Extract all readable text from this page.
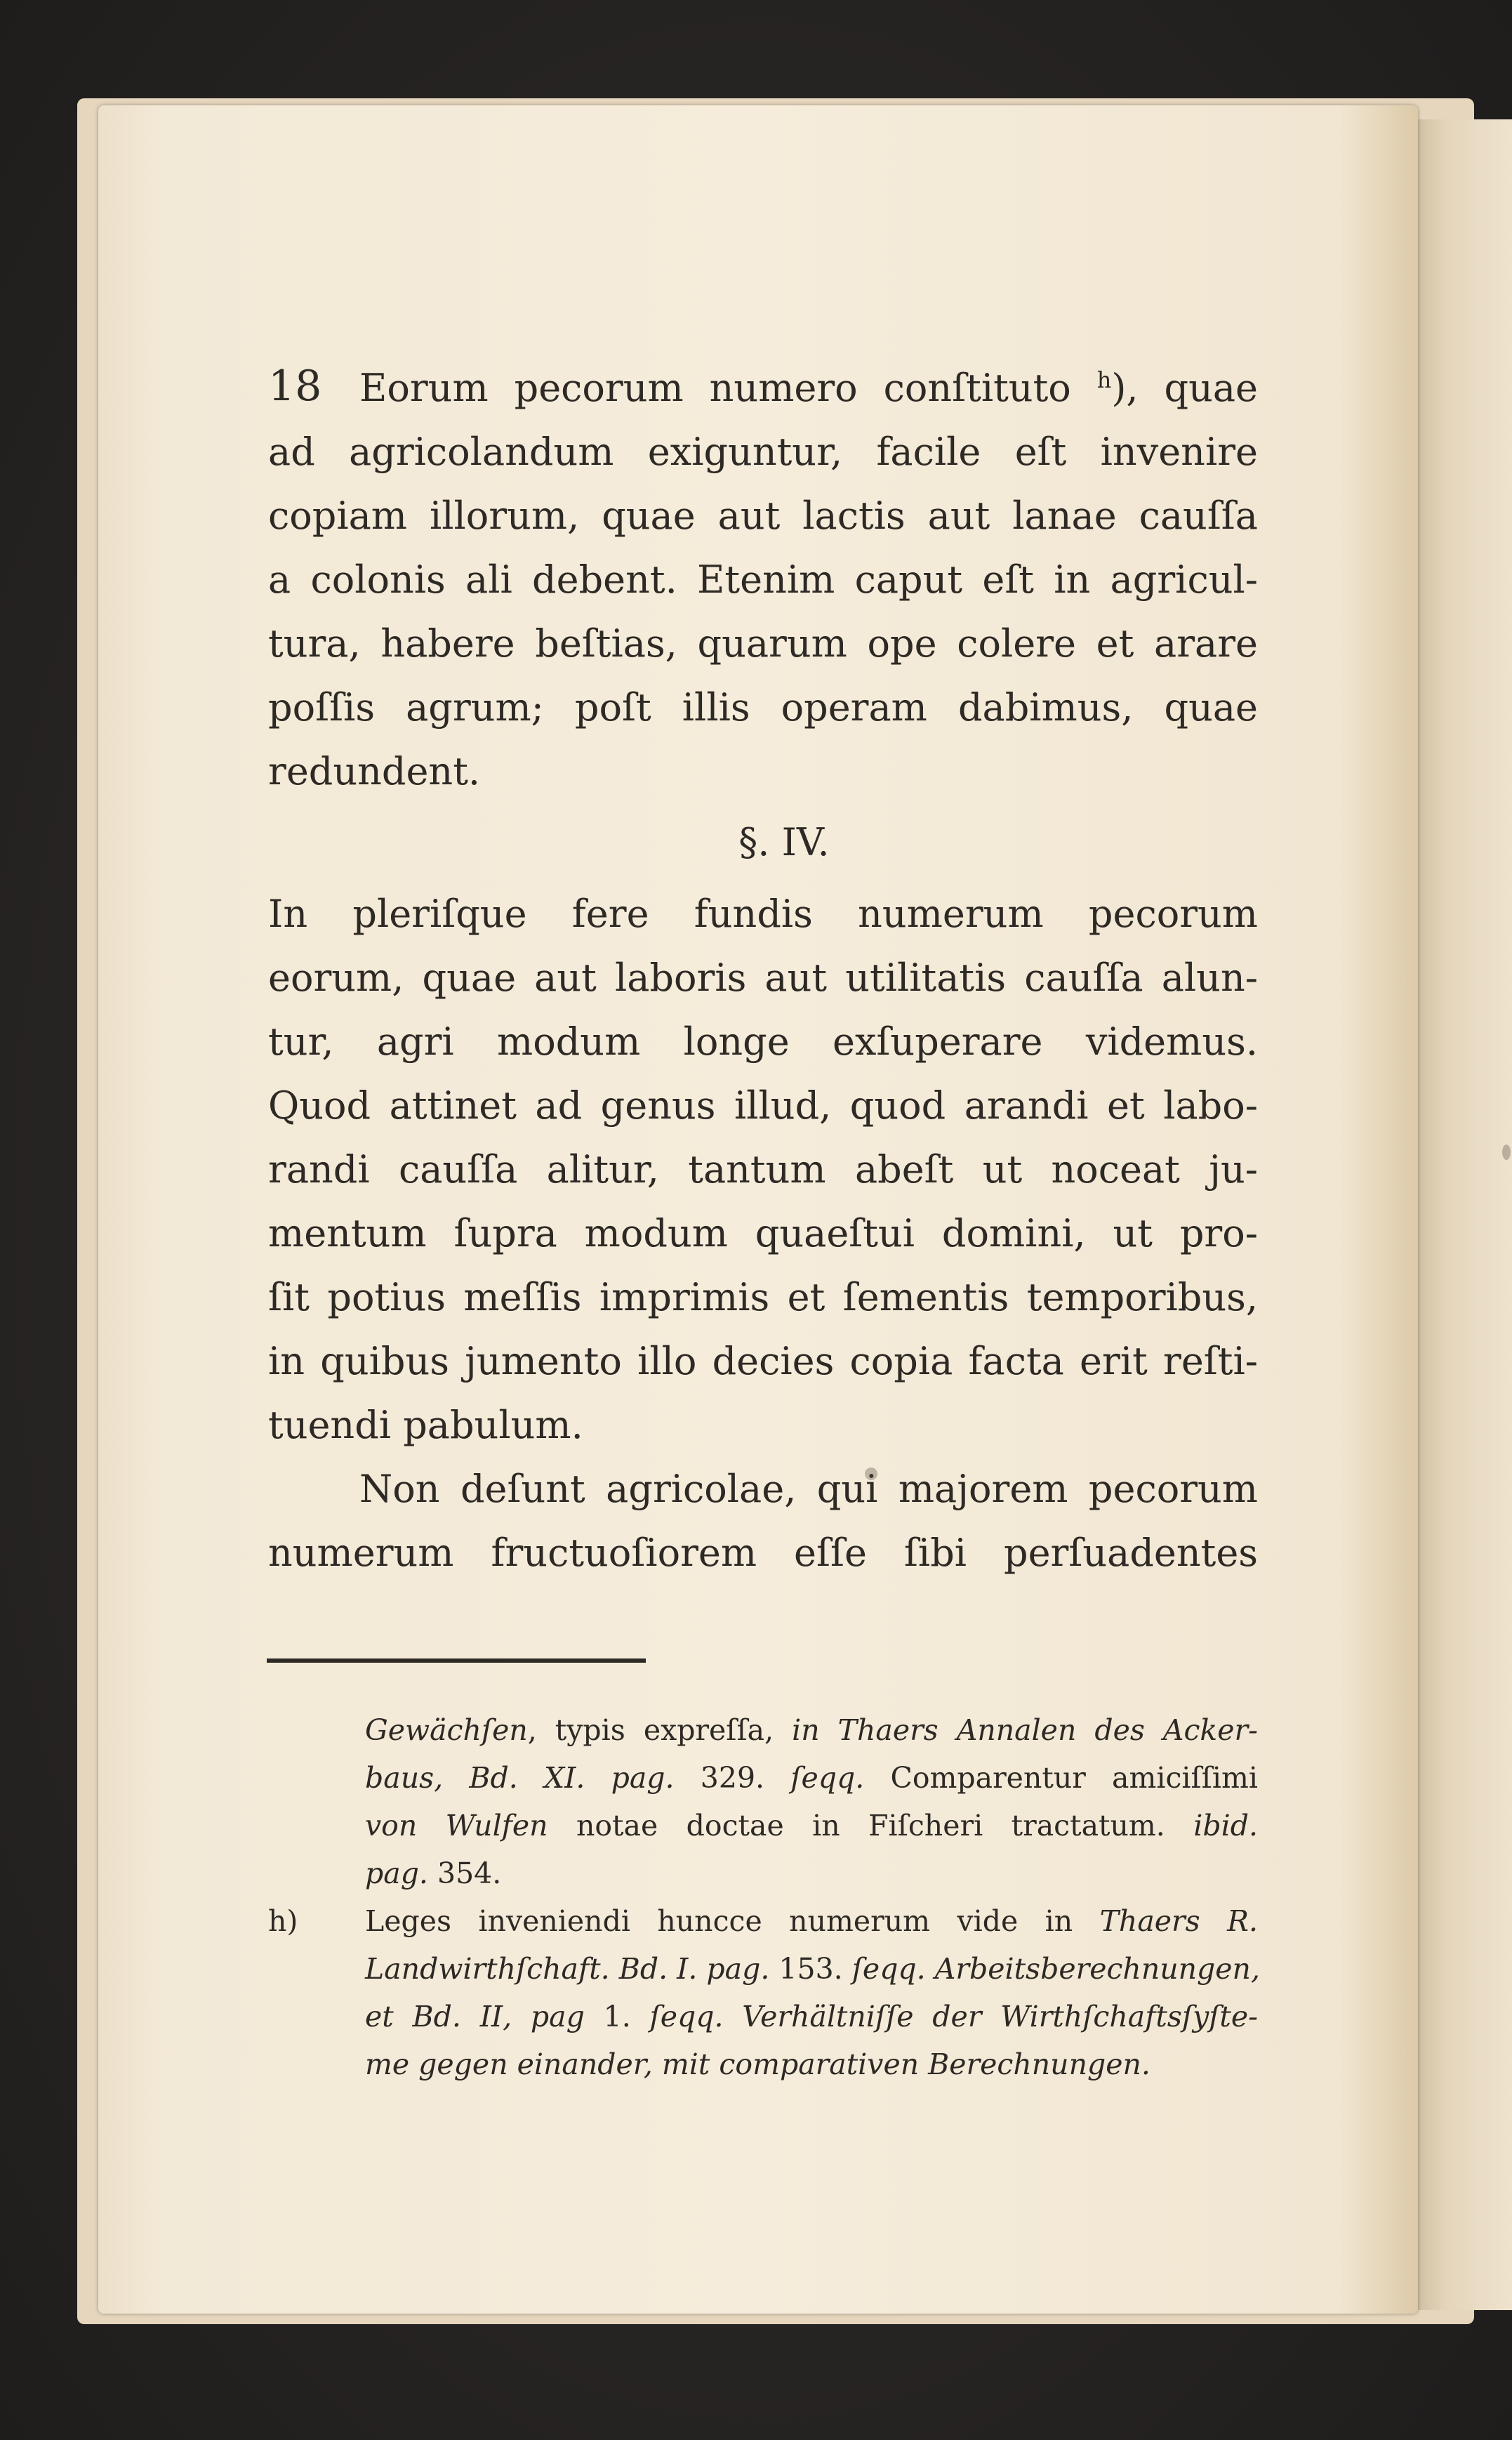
18 Eorum pecorum numero conſtituto $^h$), quae
ad agricolandum exiguntur, facile eſt invenire
copiam illorum, quae aut lactis aut lanae cauſſa
a colonis ali debent. Etenim caput eſt in agricul-
tura, habere beſtias, quarum ope colere et arare
poſſis agrum; poſt illis operam dabimus, quae
redundent.
§. IV.
In pleriſque fere fundis numerum pecorum
eorum, quae aut laboris aut utilitatis cauſſa alun-
tur, agri modum longe exſuperare videmus.
Quod attinet ad genus illud, quod arandi et labo-
randi cauſſa alitur, tantum abeſt ut noceat ju-
mentum ſupra modum quaeſtui domini, ut pro-
ſit potius meſſis imprimis et ſementis temporibus,
in quibus jumento illo decies copia facta erit reſti-
tuendi pabulum.
Non deſunt agricolae, qui majorem pecorum
numerum fructuoſiorem eſſe ſibi perſuadentes
Gewächſen, typis expreſſa, in Thaers Annalen des Acker-
baus, Bd. XI. pag. 329. ſeqq. Comparentur amiciſſimi
von Wulfen notae doctae in Fiſcheri tractatum. ibid.
pag. 354.
h)	Leges inveniendi huncce numerum vide in Thaers R.
Landwirthſchaft. Bd. I. pag. 153. ſeqq. Arbeitsberechnungen,
et Bd. II, pag 1. ſeqq. Verhältniſſe der Wirthſchaftsſyſte-
me gegen einander, mit comparativen Berechnungen.
